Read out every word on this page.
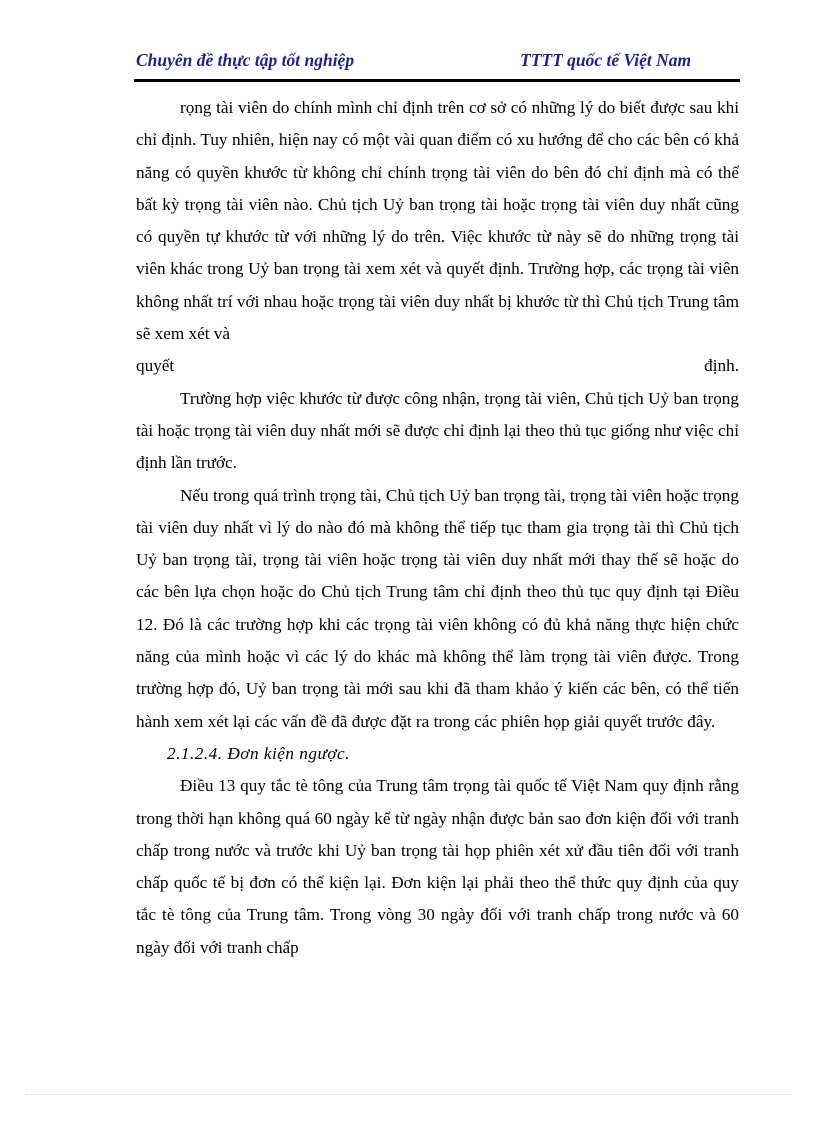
Chuyên đề thực tập tốt nghiệp	TTTT quốc tế Việt Nam

rọng tài viên do chính mình chỉ định trên cơ sở có những lý do biết được sau khi chỉ định. Tuy nhiên, hiện nay có một vài quan điểm có xu hướng để cho các bên có khả năng có quyền khước từ không chỉ chính trọng tài viên do bên đó chỉ định mà có thể bất kỳ trọng tài viên nào. Chủ tịch Uỷ ban trọng tài hoặc trọng tài viên duy nhất cũng có quyền tự khước từ với những lý do trên. Việc khước từ này sẽ do những trọng tài viên khác trong Uỷ ban trọng tài xem xét và quyết định. Trường hợp, các trọng tài viên không nhất trí với nhau hoặc trọng tài viên duy nhất bị khước từ thì Chủ tịch Trung tâm sẽ xem xét và

quyết	định.

Trường hợp việc khước từ được công nhận, trọng tài viên, Chủ tịch Uỷ ban trọng tài hoặc trọng tài viên duy nhất mới sẽ được chỉ định lại theo thủ tục giống như việc chỉ định lần trước.

Nếu trong quá trình trọng tài, Chủ tịch Uỷ ban trọng tài, trọng tài viên hoặc trọng tài viên duy nhất vì lý do nào đó mà không thể tiếp tục tham gia trọng tài thì Chủ tịch Uỷ ban trọng tài, trọng tài viên hoặc trọng tài viên duy nhất mới thay thế sẽ hoặc do các bên lựa chọn hoặc do Chủ tịch Trung tâm chỉ định theo thủ tục quy định tại Điều 12. Đó là các trường hợp khi các trọng tài viên không có đủ khả năng thực hiện chức năng của mình hoặc vì các lý do khác mà không thể làm trọng tài viên được. Trong trường hợp đó, Uỷ ban trọng tài mới sau khi đã tham khảo ý kiến các bên, có thể tiến hành xem xét lại các vấn đề đã được đặt ra trong các phiên họp giải quyết trước đây.

2.1.2.4. Đơn kiện ngược.

Điều 13 quy tắc tè tông của Trung tâm trọng tài quốc tế Việt Nam quy định rằng trong thời hạn không quá 60 ngày kể từ ngày nhận được bản sao đơn kiện đối với tranh chấp trong nước và trước khi Uỷ ban trọng tài họp phiên xét xử đầu tiên đối với tranh chấp quốc tế bị đơn có thể kiện lại. Đơn kiện lại phải theo thể thức quy định của quy tắc tè tông của Trung tâm. Trong vòng 30 ngày đối với tranh chấp trong nước và 60 ngày đối với tranh chấp
